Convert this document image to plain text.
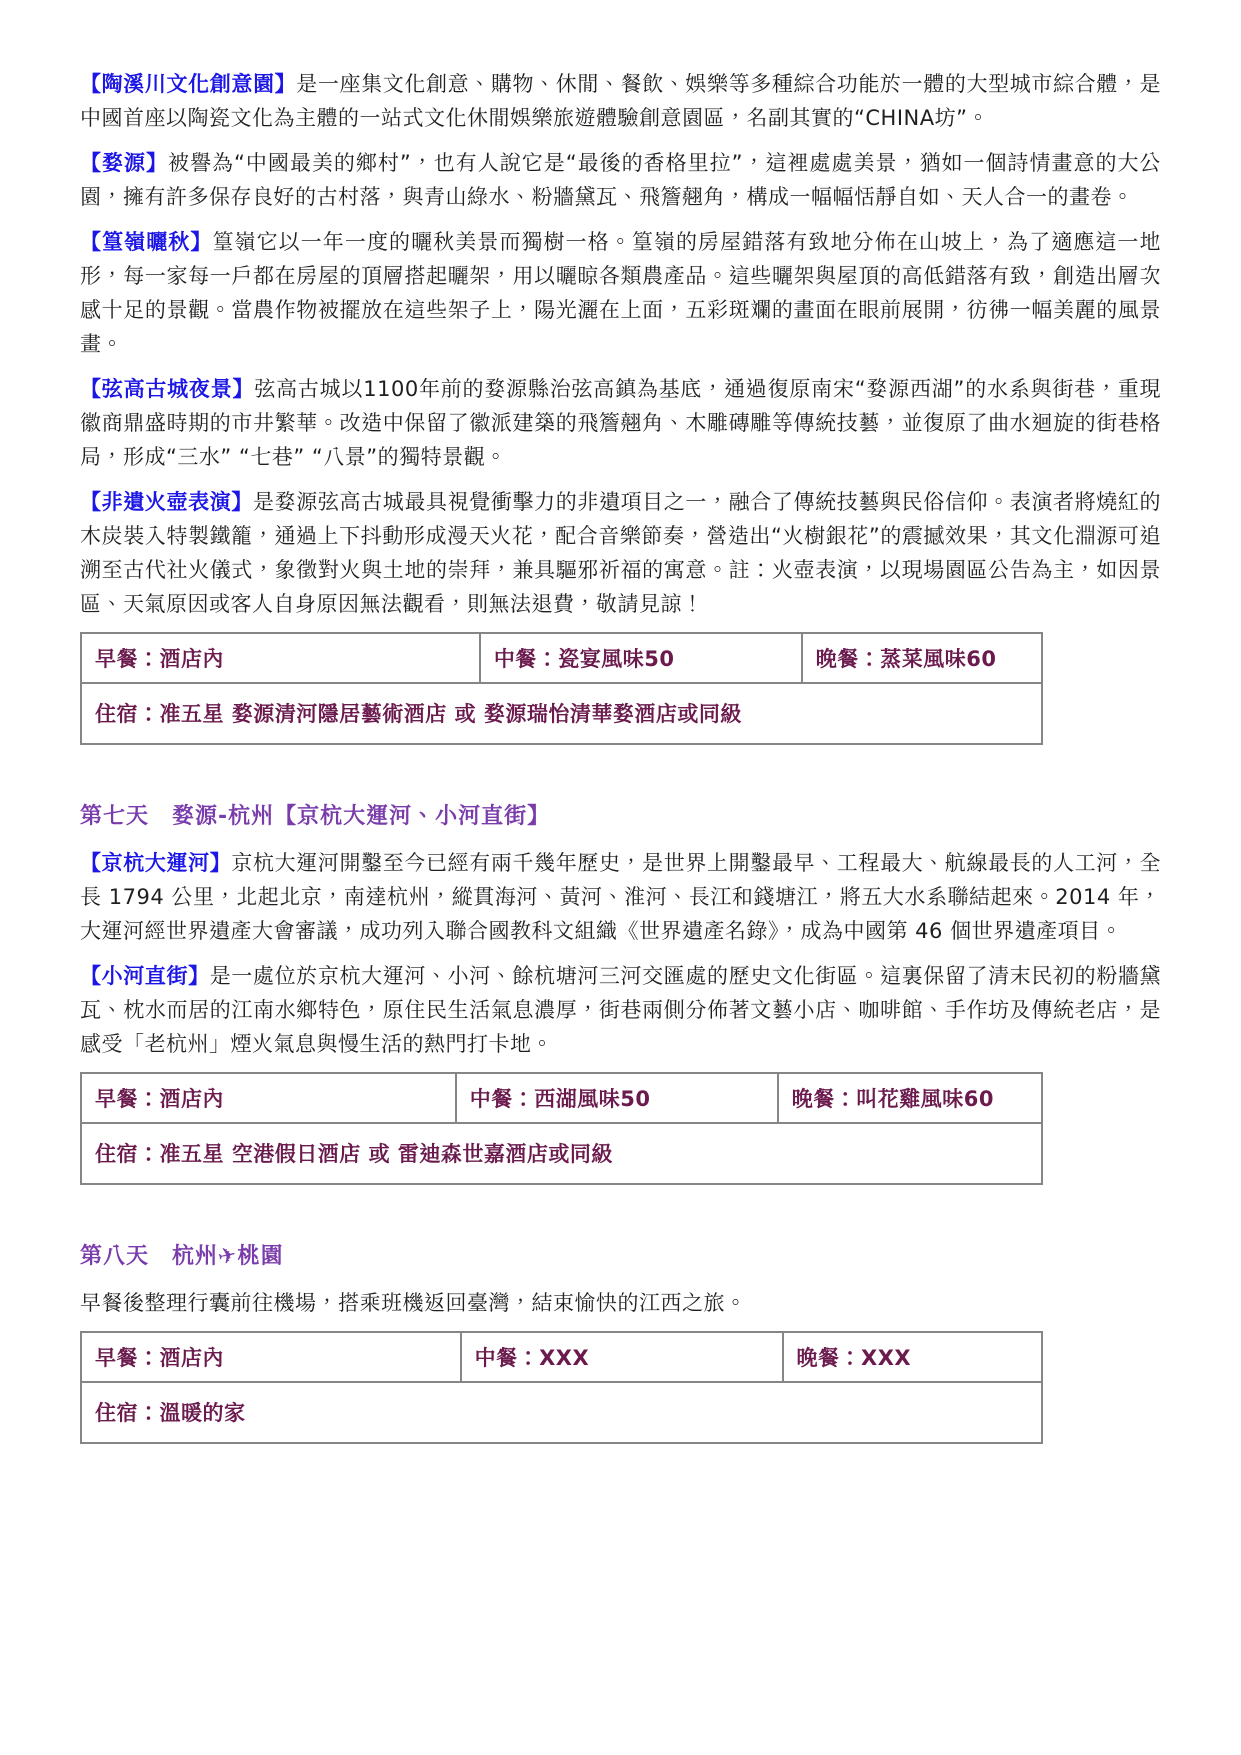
【陶溪川文化創意園】是一座集文化創意、購物、休閒、餐飲、娛樂等多種綜合功能於一體的大型城市綜合體，是中國首座以陶瓷文化為主體的一站式文化休閒娛樂旅遊體驗創意園區，名副其實的“CHINA坊”。

【婺源】被譽為“中國最美的鄉村”，也有人說它是“最後的香格里拉”，這裡處處美景，猶如一個詩情畫意的大公園，擁有許多保存良好的古村落，與青山綠水、粉牆黛瓦、飛簷翹角，構成一幅幅恬靜自如、天人合一的畫卷。

【篁嶺曬秋】篁嶺它以一年一度的曬秋美景而獨樹一格。篁嶺的房屋錯落有致地分佈在山坡上，為了適應這一地形，每一家每一戶都在房屋的頂層搭起曬架，用以曬晾各類農產品。這些曬架與屋頂的高低錯落有致，創造出層次感十足的景觀。當農作物被擺放在這些架子上，陽光灑在上面，五彩斑斕的畫面在眼前展開，彷彿一幅美麗的風景畫。

【弦高古城夜景】弦高古城以1100年前的婺源縣治弦高鎮為基底，通過復原南宋“婺源西湖”的水系與街巷，重現徽商鼎盛時期的市井繁華。改造中保留了徽派建築的飛簷翹角、木雕磚雕等傳統技藝，並復原了曲水迴旋的街巷格局，形成“三水” “七巷” “八景”的獨特景觀。

【非遺火壺表演】是婺源弦高古城最具視覺衝擊力的非遺項目之一，融合了傳統技藝與民俗信仰。表演者將燒紅的木炭裝入特製鐵籠，通過上下抖動形成漫天火花，配合音樂節奏，營造出“火樹銀花”的震撼效果，其文化淵源可追溯至古代社火儀式，象徵對火與土地的崇拜，兼具驅邪祈福的寓意。註：火壺表演，以現場園區公告為主，如因景區、天氣原因或客人自身原因無法觀看，則無法退費，敬請見諒！

早餐：酒店內	中餐：瓷宴風味50	晚餐：蒸菜風味60
住宿：准五星 婺源清河隱居藝術酒店 或 婺源瑞怡清華婺酒店或同級
第七天　婺源-杭州【京杭大運河、小河直街】

【京杭大運河】京杭大運河開鑿至今已經有兩千幾年歷史，是世界上開鑿最早、工程最大、航線最長的人工河，全長 1794 公里，北起北京，南達杭州，縱貫海河、黃河、淮河、長江和錢塘江，將五大水系聯結起來。2014 年，大運河經世界遺產大會審議，成功列入聯合國教科文組織《世界遺產名錄》，成為中國第 46 個世界遺產項目。

【小河直街】是一處位於京杭大運河、小河、餘杭塘河三河交匯處的歷史文化街區。這裏保留了清末民初的粉牆黛瓦、枕水而居的江南水鄉特色，原住民生活氣息濃厚，街巷兩側分佈著文藝小店、咖啡館、手作坊及傳統老店，是感受「老杭州」煙火氣息與慢生活的熱門打卡地。

早餐：酒店內	中餐：西湖風味50	晚餐：叫花雞風味60
住宿：准五星 空港假日酒店 或 雷迪森世嘉酒店或同級
第八天　杭州✈桃園

早餐後整理行囊前往機場，搭乘班機返回臺灣，結束愉快的江西之旅。

早餐：酒店內	中餐：XXX	晚餐：XXX
住宿：溫暖的家
